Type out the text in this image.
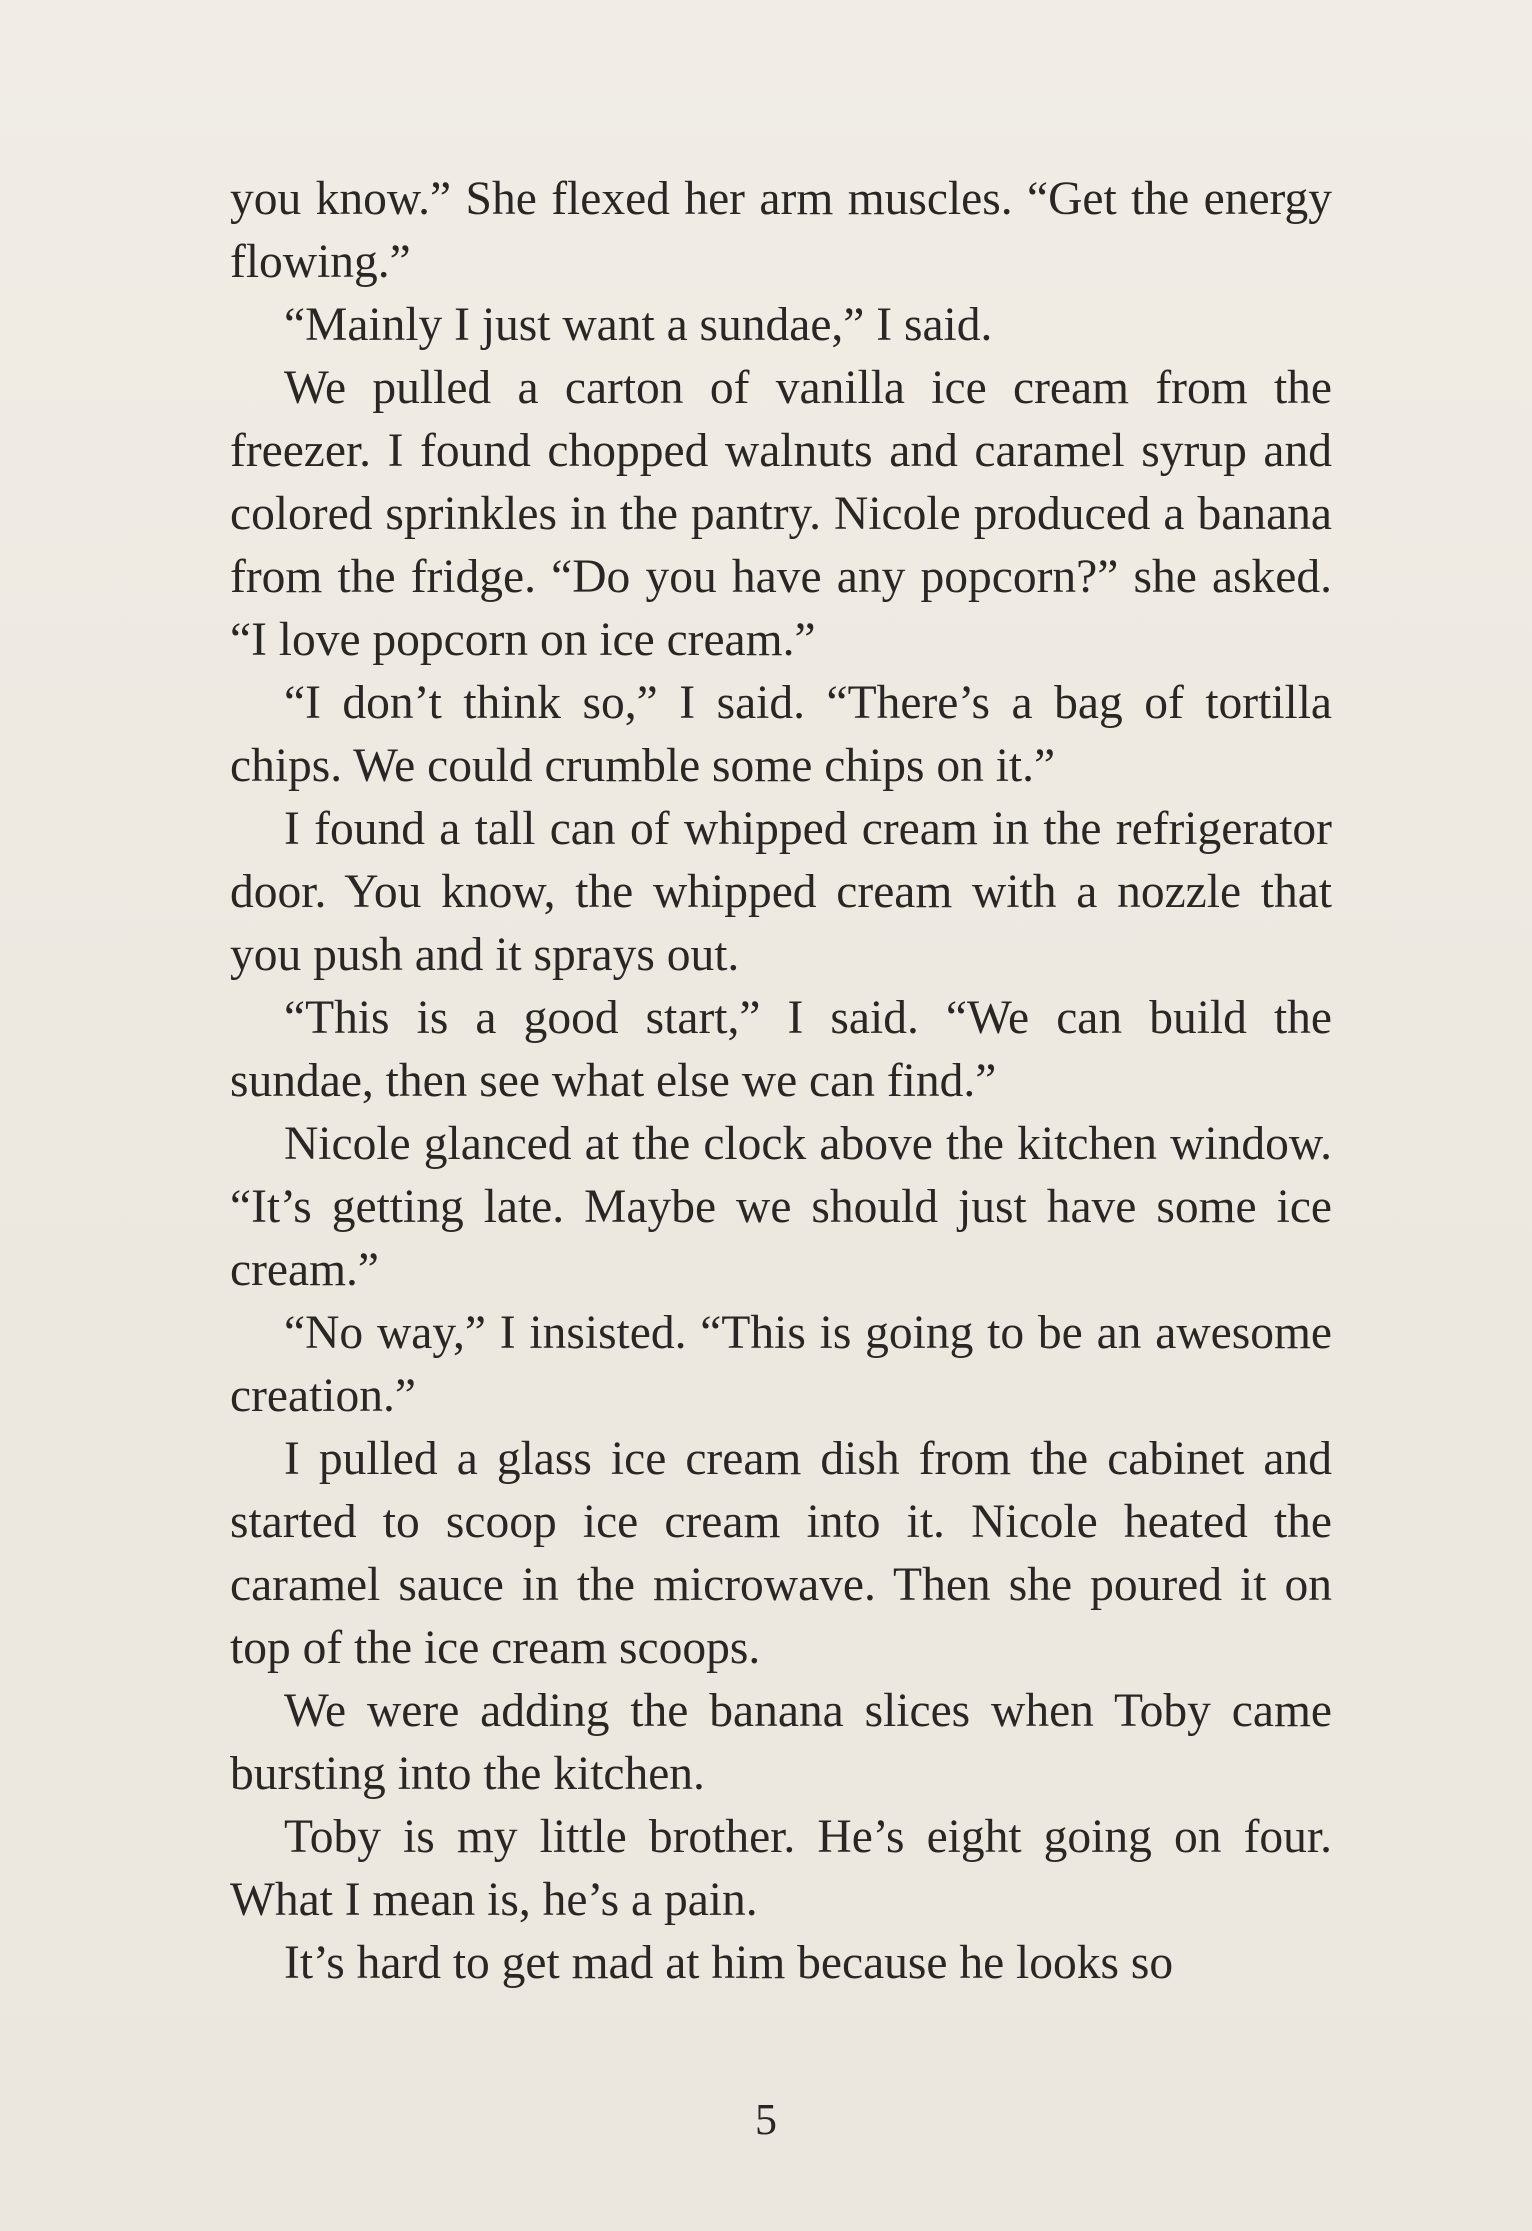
you know.” She flexed her arm muscles. “Get the energy flowing.”

“Mainly I just want a sundae,” I said.

We pulled a carton of vanilla ice cream from the freezer. I found chopped walnuts and caramel syrup and colored sprinkles in the pantry. Nicole produced a banana from the fridge. “Do you have any popcorn?” she asked. “I love popcorn on ice cream.”

“I don’t think so,” I said. “There’s a bag of tortilla chips. We could crumble some chips on it.”

I found a tall can of whipped cream in the refrigerator door. You know, the whipped cream with a nozzle that you push and it sprays out.

“This is a good start,” I said. “We can build the sundae, then see what else we can find.”

Nicole glanced at the clock above the kitchen window. “It’s getting late. Maybe we should just have some ice cream.”

“No way,” I insisted. “This is going to be an awesome creation.”

I pulled a glass ice cream dish from the cabinet and started to scoop ice cream into it. Nicole heated the caramel sauce in the microwave. Then she poured it on top of the ice cream scoops.

We were adding the banana slices when Toby came bursting into the kitchen.

Toby is my little brother. He’s eight going on four. What I mean is, he’s a pain.

It’s hard to get mad at him because he looks so

5
